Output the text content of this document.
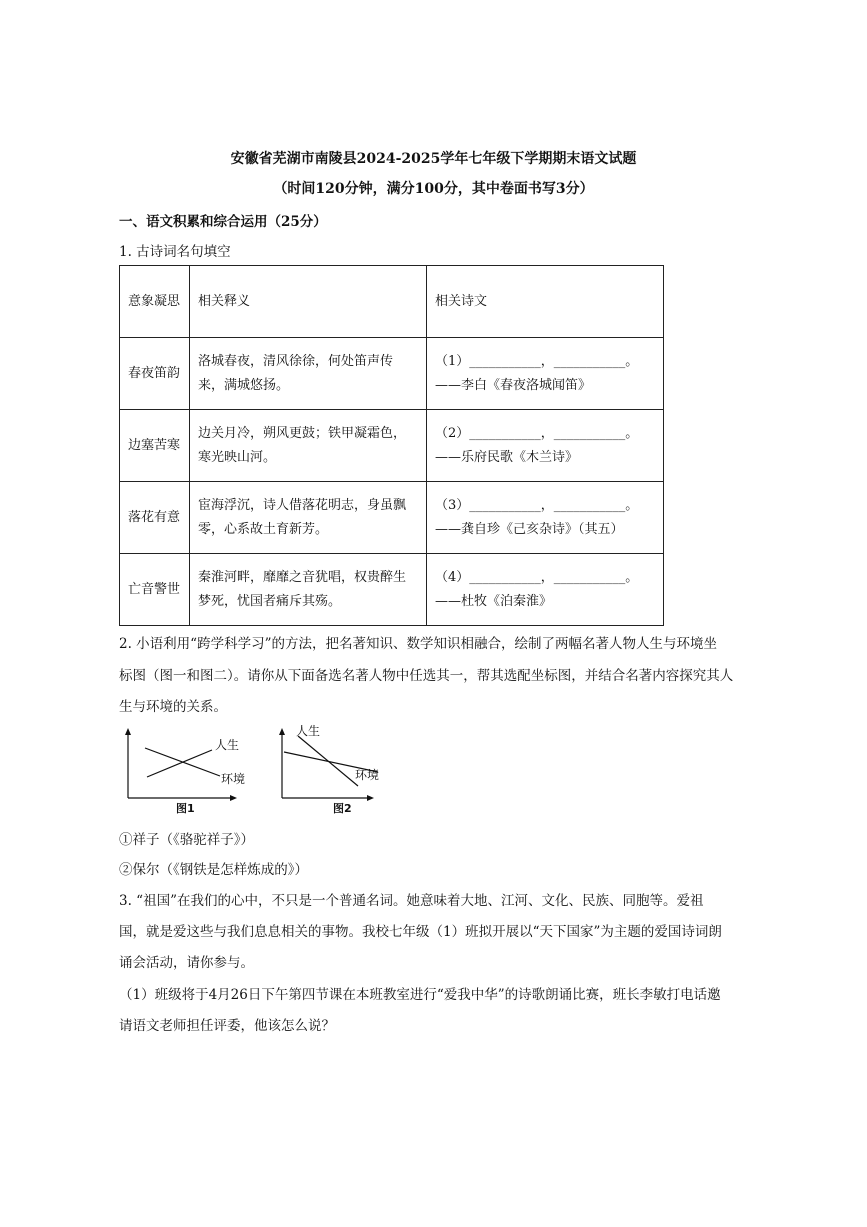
安徽省芜湖市南陵县2024-2025学年七年级下学期期末语文试题
（时间120分钟，满分100分，其中卷面书写3分）
一、语文积累和综合运用（25分）
1. 古诗词名句填空
意象凝思	相关释义	相关诗文
春夜笛韵	洛城春夜，清风徐徐，何处笛声传来，满城悠扬。	（1）___________，___________。
——李白《春夜洛城闻笛》

边塞苦寒	边关月冷，朔风更鼓；铁甲凝霜色，寒光映山河。	（2）___________，___________。
——乐府民歌《木兰诗》

落花有意	宦海浮沉，诗人借落花明志，身虽飘零，心系故土育新芳。	（3）___________，___________。
——龚自珍《己亥杂诗》（其五）

亡音警世	秦淮河畔，靡靡之音犹唱，权贵醉生梦死，忧国者痛斥其殇。	（4）___________，___________。
——杜牧《泊秦淮》
2. 小语利用“跨学科学习”的方法，把名著知识、数学知识相融合，绘制了两幅名著人物人生与环境坐
标图（图一和图二）。请你从下面备选名著人物中任选其一，帮其选配坐标图，并结合名著内容探究其人
生与环境的关系。
人生
环境
图1
人生
环境
图2
①祥子（《骆驼祥子》）
②保尔（《钢铁是怎样炼成的》）
3. “祖国”在我们的心中，不只是一个普通名词。她意味着大地、江河、文化、民族、同胞等。爱祖
国，就是爱这些与我们息息相关的事物。我校七年级（1）班拟开展以“天下国家”为主题的爱国诗词朗
诵会活动，请你参与。
（1）班级将于4月26日下午第四节课在本班教室进行“爱我中华”的诗歌朗诵比赛，班长李敏打电话邀
请语文老师担任评委，他该怎么说？
